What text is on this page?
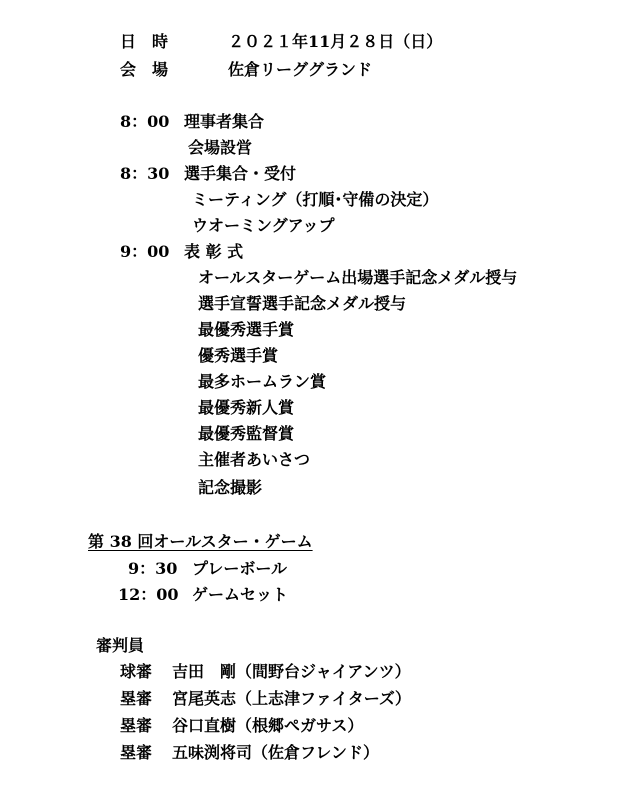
日　時	２０２１年11月２８日（日）
会　場	佐倉リーググランド
8：00 理事者集合
会場設営
8：30 選手集合・受付
ミーティング（打順･守備の決定）
ウオーミングアップ
9：00 表 彰 式
オールスターゲーム出場選手記念メダル授与
選手宣誓選手記念メダル授与
最優秀選手賞
優秀選手賞
最多ホームラン賞
最優秀新人賞
最優秀監督賞
主催者あいさつ
記念撮影
第 38 回オールスター・ゲーム
9：30 プレーボール
12：00 ゲームセット
審判員
球審 吉田　剛（間野台ジャイアンツ）
塁審 宮尾英志（上志津ファイターズ）
塁審 谷口直樹（根郷ペガサス）
塁審 五味渕将司（佐倉フレンド）
